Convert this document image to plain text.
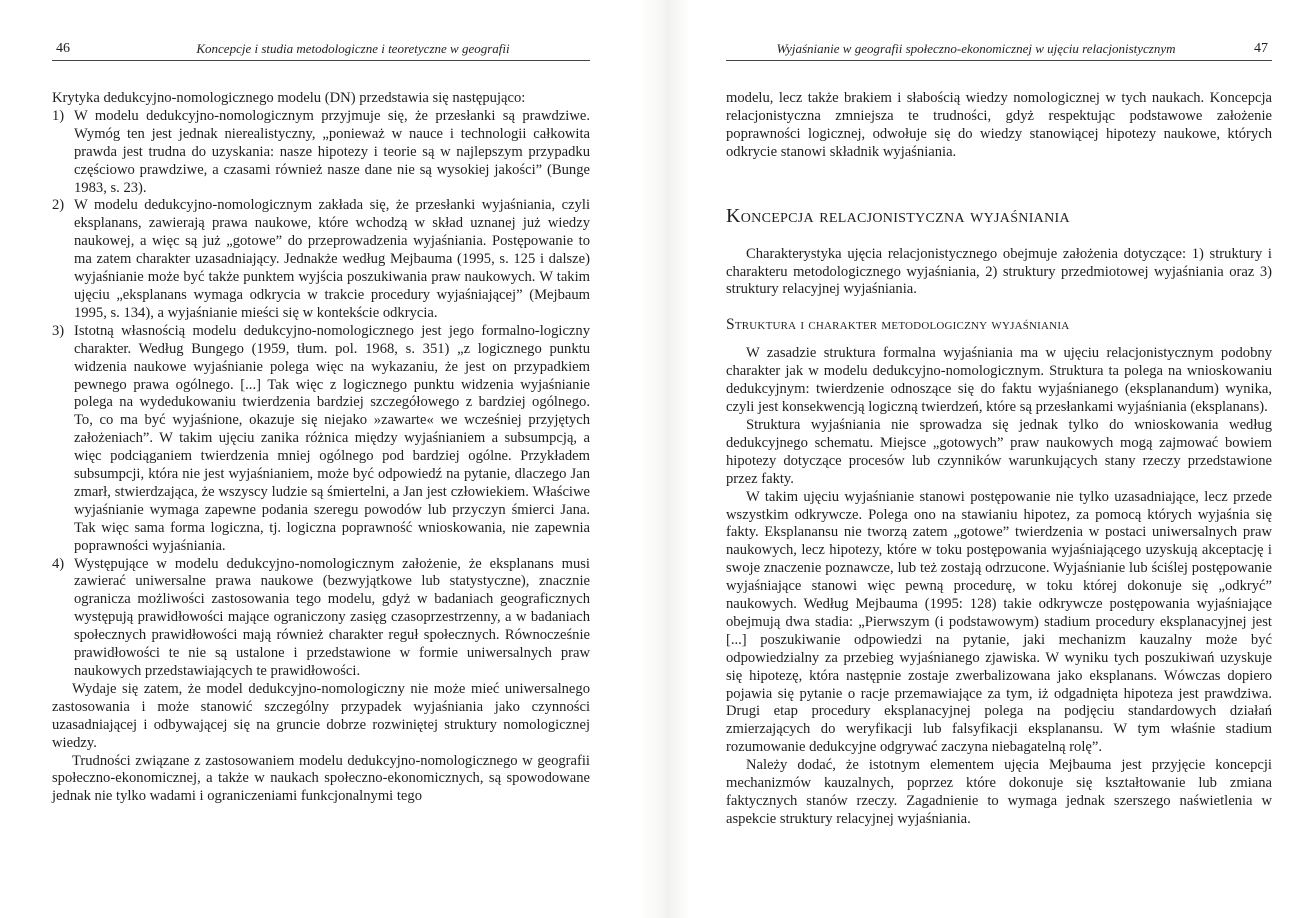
46	Koncepcje i studia metodologiczne i teoretyczne w geografii

Krytyka dedukcyjno-nomologicznego modelu (DN) przedstawia się następująco:

1) W modelu dedukcyjno-nomologicznym przyjmuje się, że przesłanki są prawdziwe. Wymóg ten jest jednak nierealistyczny, „ponieważ w nauce i technologii całkowita prawda jest trudna do uzyskania: nasze hipotezy i teorie są w najlepszym przypadku częściowo prawdziwe, a czasami również nasze dane nie są wysokiej jakości” (Bunge 1983, s. 23).
2) W modelu dedukcyjno-nomologicznym zakłada się, że przesłanki wyjaśniania, czyli eksplanans, zawierają prawa naukowe, które wchodzą w skład uznanej już wiedzy naukowej, a więc są już „gotowe” do przeprowadzenia wyjaśniania. Postępowanie to ma zatem charakter uzasadniający. Jednakże według Mejbauma (1995, s. 125 i dalsze) wyjaśnianie może być także punktem wyjścia poszukiwania praw naukowych. W takim ujęciu „eksplanans wymaga odkrycia w trakcie procedury wyjaśniającej” (Mejbaum 1995, s. 134), a wyjaśnianie mieści się w kontekście odkrycia.
3) Istotną własnością modelu dedukcyjno-nomologicznego jest jego formalno-logiczny charakter. Według Bungego (1959, tłum. pol. 1968, s. 351) „z logicznego punktu widzenia naukowe wyjaśnianie polega więc na wykazaniu, że jest on przypadkiem pewnego prawa ogólnego. [...] Tak więc z logicznego punktu widzenia wyjaśnianie polega na wydedukowaniu twierdzenia bardziej szczegółowego z bardziej ogólnego. To, co ma być wyjaśnione, okazuje się niejako »zawarte« we wcześniej przyjętych założeniach”. W takim ujęciu zanika różnica między wyjaśnianiem a subsumpcją, a więc podciąganiem twierdzenia mniej ogólnego pod bardziej ogólne. Przykładem subsumpcji, która nie jest wyjaśnianiem, może być odpowiedź na pytanie, dlaczego Jan zmarł, stwierdzająca, że wszyscy ludzie są śmiertelni, a Jan jest człowiekiem. Właściwe wyjaśnianie wymaga zapewne podania szeregu powodów lub przyczyn śmierci Jana. Tak więc sama forma logiczna, tj. logiczna poprawność wnioskowania, nie zapewnia poprawności wyjaśniania.
4) Występujące w modelu dedukcyjno-nomologicznym założenie, że eksplanans musi zawierać uniwersalne prawa naukowe (bezwyjątkowe lub statystyczne), znacznie ogranicza możliwości zastosowania tego modelu, gdyż w badaniach geograficznych występują prawidłowości mające ograniczony zasięg czasoprzestrzenny, a w badaniach społecznych prawidłowości mają również charakter reguł społecznych. Równocześnie prawidłowości te nie są ustalone i przedstawione w formie uniwersalnych praw naukowych przedstawiających te prawidłowości.

Wydaje się zatem, że model dedukcyjno-nomologiczny nie może mieć uniwersalnego zastosowania i może stanowić szczególny przypadek wyjaśniania jako czynności uzasadniającej i odbywającej się na gruncie dobrze rozwiniętej struktury nomologicznej wiedzy.

Trudności związane z zastosowaniem modelu dedukcyjno-nomologicznego w geografii społeczno-ekonomicznej, a także w naukach społeczno-ekonomicznych, są spowodowane jednak nie tylko wadami i ograniczeniami funkcjonalnymi tego

Wyjaśnianie w geografii społeczno-ekonomicznej w ujęciu relacjonistycznym	47

modelu, lecz także brakiem i słabością wiedzy nomologicznej w tych naukach. Koncepcja relacjonistyczna zmniejsza te trudności, gdyż respektując podstawowe założenie poprawności logicznej, odwołuje się do wiedzy stanowiącej hipotezy naukowe, których odkrycie stanowi składnik wyjaśniania.

Koncepcja relacjonistyczna wyjaśniania

Charakterystyka ujęcia relacjonistycznego obejmuje założenia dotyczące: 1) struktury i charakteru metodologicznego wyjaśniania, 2) struktury przedmiotowej wyjaśniania oraz 3) struktury relacyjnej wyjaśniania.

Struktura i charakter metodologiczny wyjaśniania

W zasadzie struktura formalna wyjaśniania ma w ujęciu relacjonistycznym podobny charakter jak w modelu dedukcyjno-nomologicznym. Struktura ta polega na wnioskowaniu dedukcyjnym: twierdzenie odnoszące się do faktu wyjaśnianego (eksplanandum) wynika, czyli jest konsekwencją logiczną twierdzeń, które są przesłankami wyjaśniania (eksplanans).

Struktura wyjaśniania nie sprowadza się jednak tylko do wnioskowania według dedukcyjnego schematu. Miejsce „gotowych” praw naukowych mogą zajmować bowiem hipotezy dotyczące procesów lub czynników warunkujących stany rzeczy przedstawione przez fakty.

W takim ujęciu wyjaśnianie stanowi postępowanie nie tylko uzasadniające, lecz przede wszystkim odkrywcze. Polega ono na stawianiu hipotez, za pomocą których wyjaśnia się fakty. Eksplanansu nie tworzą zatem „gotowe” twierdzenia w postaci uniwersalnych praw naukowych, lecz hipotezy, które w toku postępowania wyjaśniającego uzyskują akceptację i swoje znaczenie poznawcze, lub też zostają odrzucone. Wyjaśnianie lub ściślej postępowanie wyjaśniające stanowi więc pewną procedurę, w toku której dokonuje się „odkryć” naukowych. Według Mejbauma (1995: 128) takie odkrywcze postępowania wyjaśniające obejmują dwa stadia: „Pierwszym (i podstawowym) stadium procedury eksplanacyjnej jest [...] poszukiwanie odpowiedzi na pytanie, jaki mechanizm kauzalny może być odpowiedzialny za przebieg wyjaśnianego zjawiska. W wyniku tych poszukiwań uzyskuje się hipotezę, która następnie zostaje zwerbalizowana jako eksplanans. Wówczas dopiero pojawia się pytanie o racje przemawiające za tym, iż odgadnięta hipoteza jest prawdziwa. Drugi etap procedury eksplanacyjnej polega na podjęciu standardowych działań zmierzających do weryfikacji lub falsyfikacji eksplanansu. W tym właśnie stadium rozumowanie dedukcyjne odgrywać zaczyna niebagatelną rolę”.

Należy dodać, że istotnym elementem ujęcia Mejbauma jest przyjęcie koncepcji mechanizmów kauzalnych, poprzez które dokonuje się kształtowanie lub zmiana faktycznych stanów rzeczy. Zagadnienie to wymaga jednak szerszego naświetlenia w aspekcie struktury relacyjnej wyjaśniania.
